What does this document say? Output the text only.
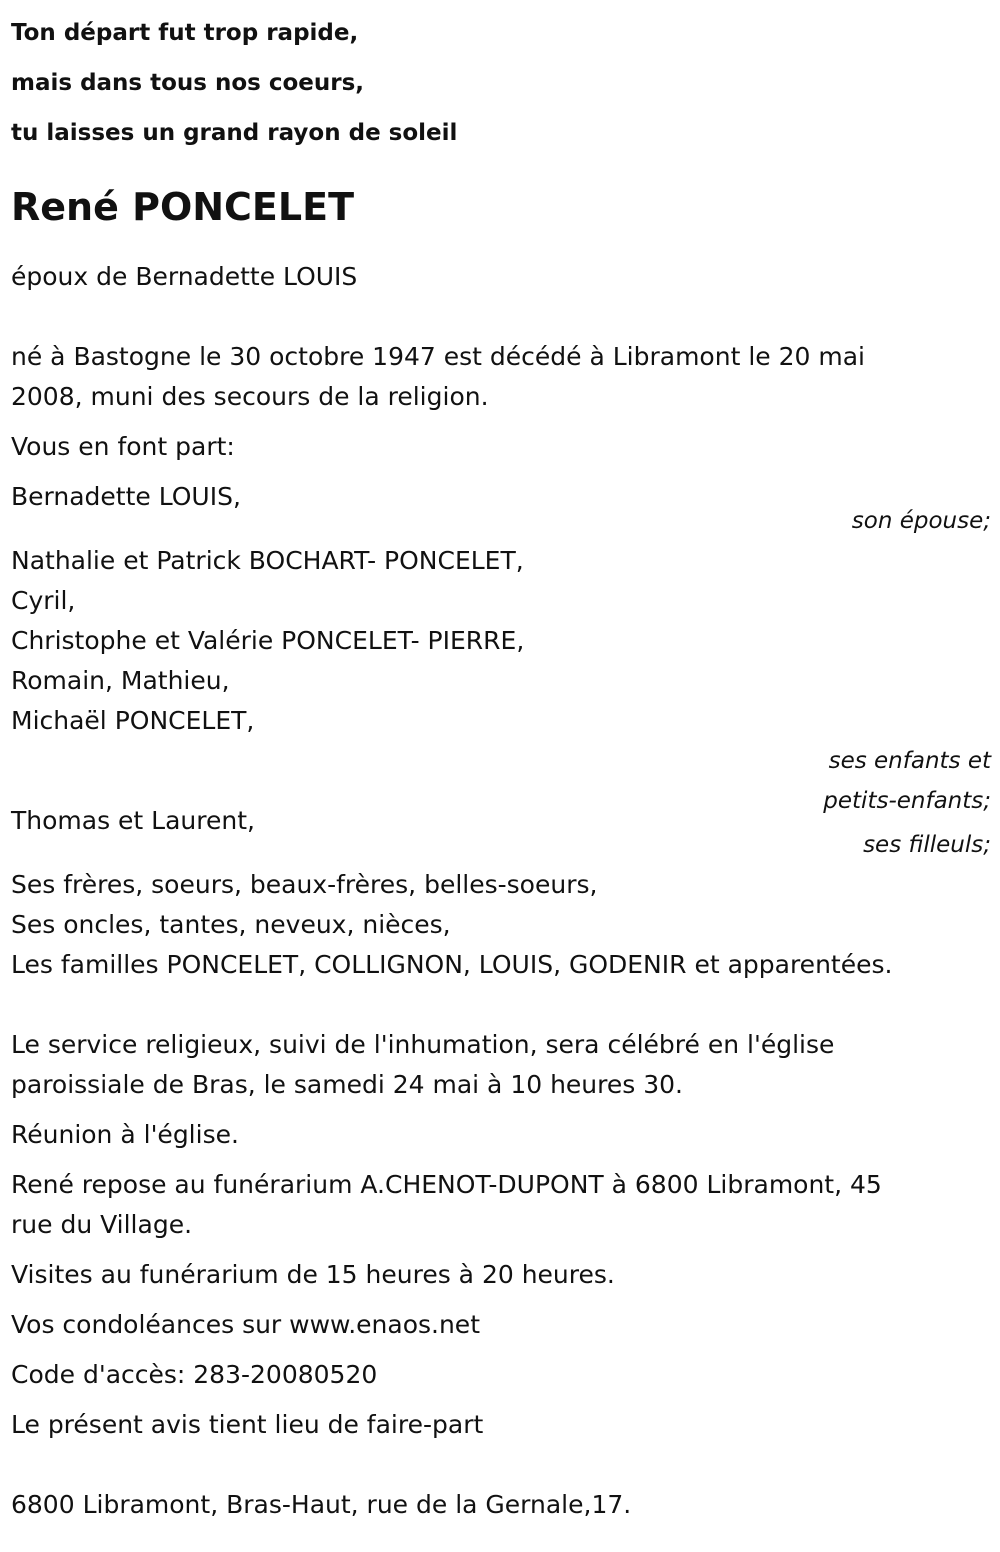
Ton départ fut trop rapide,
mais dans tous nos coeurs,
tu laisses un grand rayon de soleil
René PONCELET
époux de Bernadette LOUIS
né à Bastogne le 30 octobre 1947 est décédé à Libramont le 20 mai
2008, muni des secours de la religion.
Vous en font part:
Bernadette LOUIS,
son épouse;
Nathalie et Patrick BOCHART- PONCELET,
Cyril,
Christophe et Valérie PONCELET- PIERRE,
Romain, Mathieu,
Michaël PONCELET,
ses enfants et
petits-enfants;
Thomas et Laurent,
ses filleuls;
Ses frères, soeurs, beaux-frères, belles-soeurs,
Ses oncles, tantes, neveux, nièces,
Les familles PONCELET, COLLIGNON, LOUIS, GODENIR et apparentées.
Le service religieux, suivi de l'inhumation, sera célébré en l'église
paroissiale de Bras, le samedi 24 mai à 10 heures 30.
Réunion à l'église.
René repose au funérarium A.CHENOT-DUPONT à 6800 Libramont, 45
rue du Village.
Visites au funérarium de 15 heures à 20 heures.
Vos condoléances sur www.enaos.net
Code d'accès: 283-20080520
Le présent avis tient lieu de faire-part
6800 Libramont, Bras-Haut, rue de la Gernale,17.
